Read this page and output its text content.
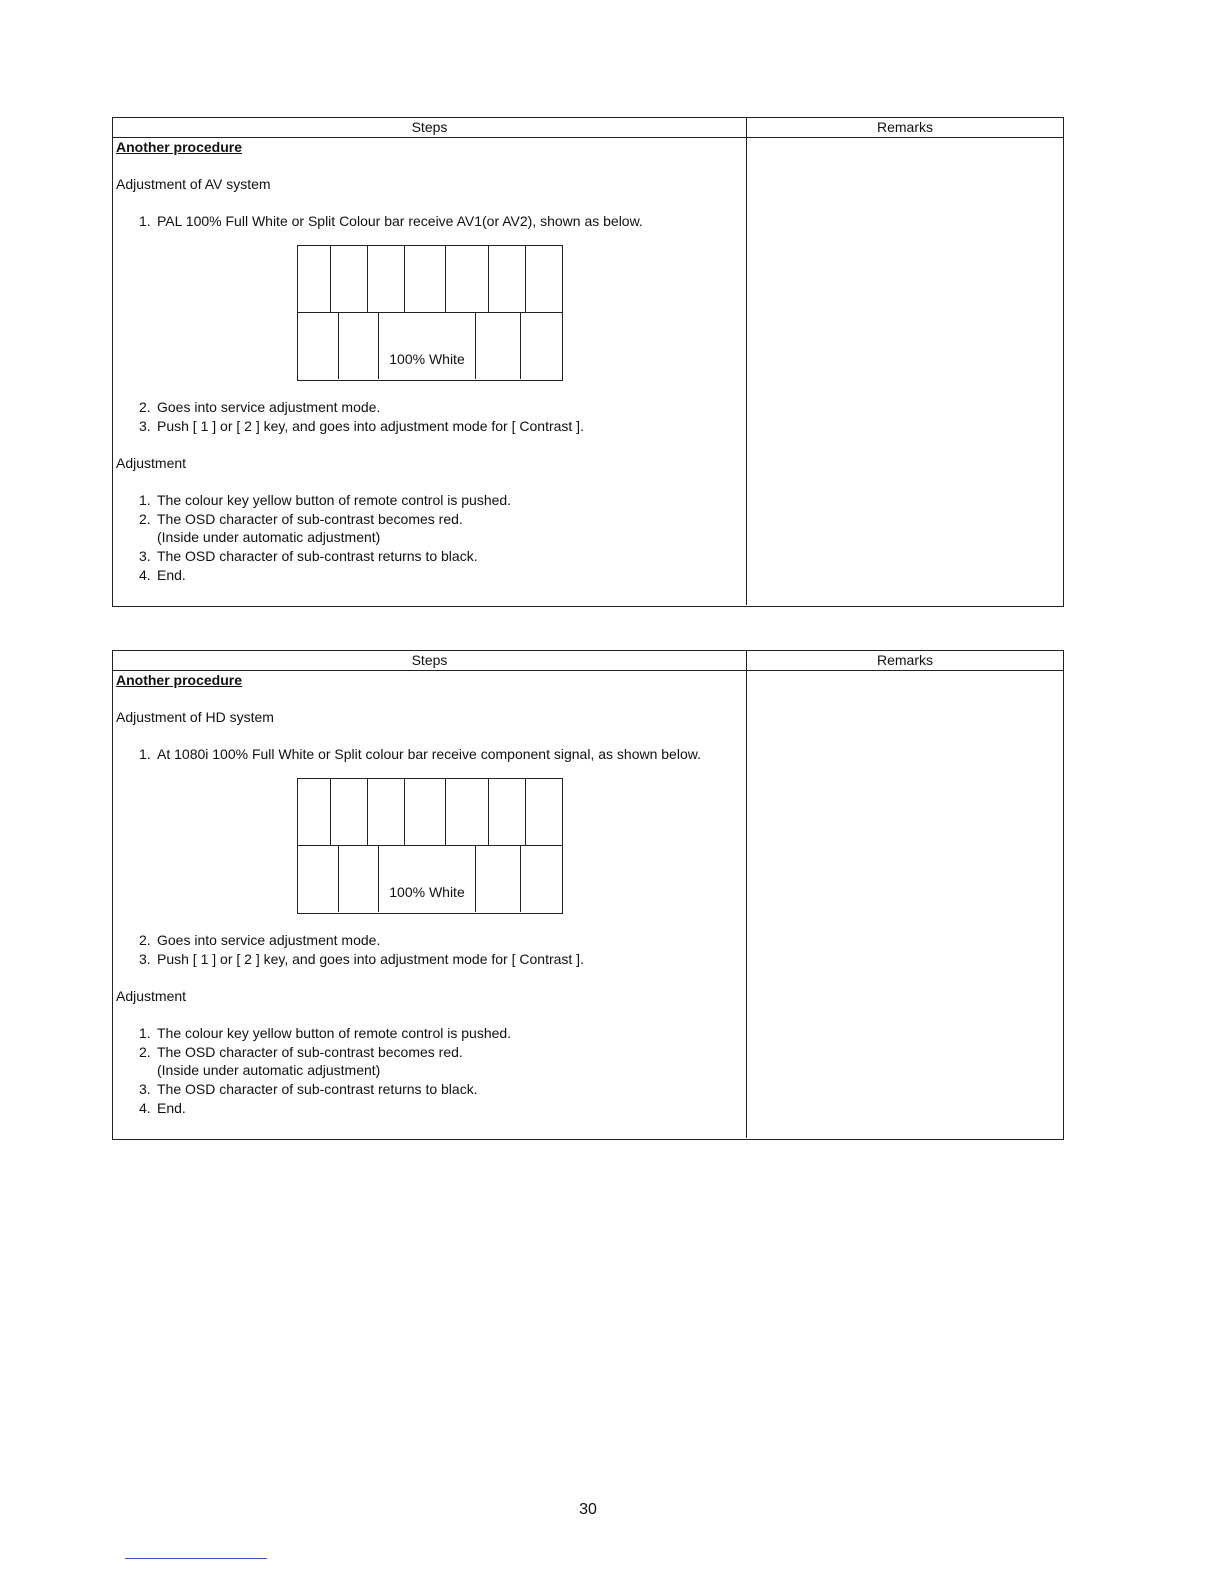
Steps	Remarks
Another procedure
Adjustment of AV system
1. PAL 100% Full White or Split Colour bar receive AV1(or AV2), shown as below.
100% White
2. Goes into service adjustment mode.
3. Push [ 1 ] or [ 2 ] key, and goes into adjustment mode for [ Contrast ].
Adjustment
1. The colour key yellow button of remote control is pushed.
2. The OSD character of sub-contrast becomes red.
(Inside under automatic adjustment)
3. The OSD character of sub-contrast returns to black.
4. End.
Steps	Remarks
Another procedure
Adjustment of HD system
1. At 1080i 100% Full White or Split colour bar receive component signal, as shown below.
100% White
2. Goes into service adjustment mode.
3. Push [ 1 ] or [ 2 ] key, and goes into adjustment mode for [ Contrast ].
Adjustment
1. The colour key yellow button of remote control is pushed.
2. The OSD character of sub-contrast becomes red.
(Inside under automatic adjustment)
3. The OSD character of sub-contrast returns to black.
4. End.
30
